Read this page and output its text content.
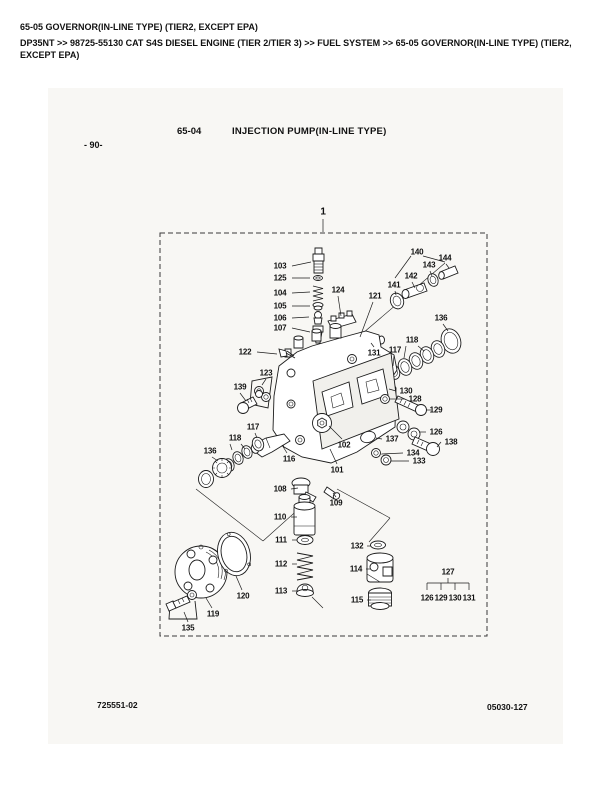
65-05 GOVERNOR(IN-LINE TYPE) (TIER2, EXCEPT EPA)
DP35NT >> 98725-55130 CAT S4S DIESEL ENGINE (TIER 2/TIER 3) >> FUEL SYSTEM >> 65-05 GOVERNOR(IN-LINE TYPE) (TIER2, EXCEPT EPA)
65-04	INJECTION PUMP(IN-LINE TYPE)
- 90-
1
103
125
104
105
106
107
122
123
139
117
118
136
116
108
110
111
112
113
109
101
102
119
120
135
132
114
115
127
126 129 130 131
124
121
140
144
143
142
141
136
118
117
131
130
128
129
126
137	138
134
133
725551-02	05030-127
